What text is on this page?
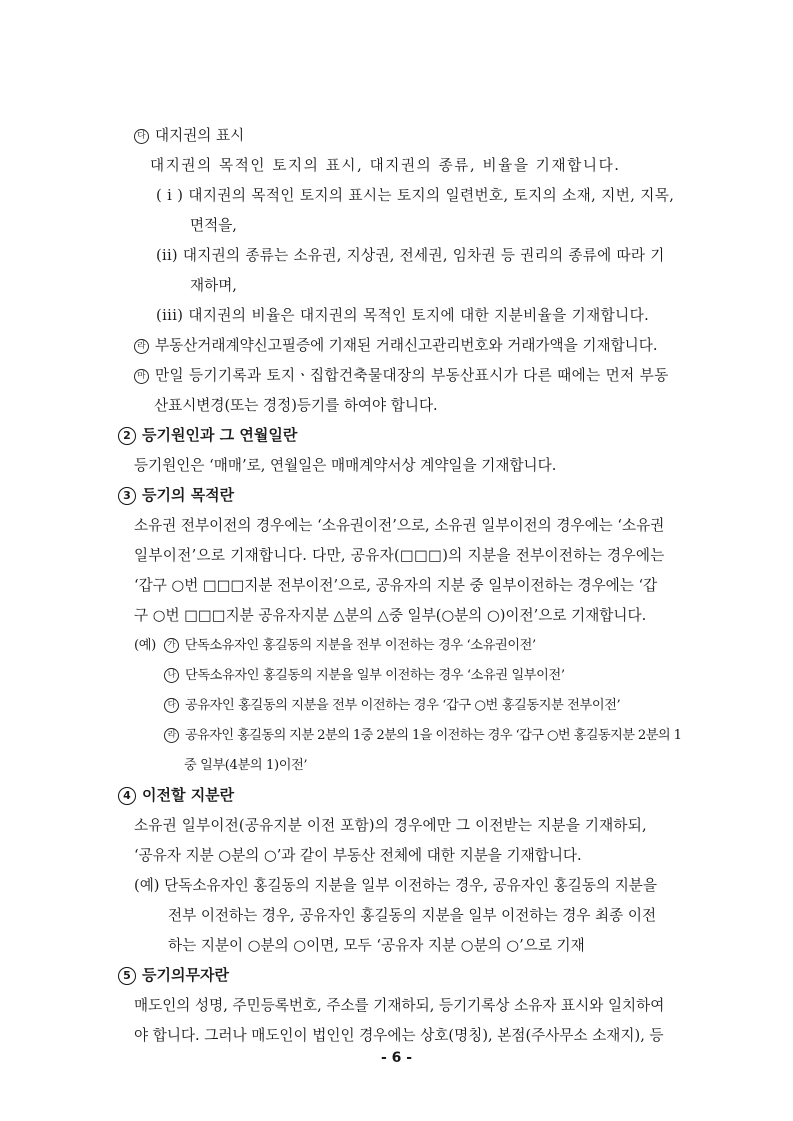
다 대지권의 표시
대지권의 목적인 토지의 표시, 대지권의 종류, 비율을 기재합니다.
( i ) 대지권의 목적인 토지의 표시는 토지의 일련번호, 토지의 소재, 지번, 지목,
면적을,
(ii) 대지권의 종류는 소유권, 지상권, 전세권, 임차권 등 권리의 종류에 따라 기
재하며,
(iii) 대지권의 비율은 대지권의 목적인 토지에 대한 지분비율을 기재합니다.
라 부동산거래계약신고필증에 기재된 거래신고관리번호와 거래가액을 기재합니다.
마 만일 등기기록과 토지ㆍ집합건축물대장의 부동산표시가 다른 때에는 먼저 부동
산표시변경(또는 경정)등기를 하여야 합니다.
2 등기원인과 그 연월일란
등기원인은 ‘매매’로, 연월일은 매매계약서상 계약일을 기재합니다.
3 등기의 목적란
소유권 전부이전의 경우에는 ‘소유권이전’으로, 소유권 일부이전의 경우에는 ‘소유권
일부이전’으로 기재합니다. 다만, 공유자(□□□)의 지분을 전부이전하는 경우에는
‘갑구 ○번 □□□지분 전부이전’으로, 공유자의 지분 중 일부이전하는 경우에는 ‘갑
구 ○번 □□□지분 공유자지분 △분의 △중 일부(○분의 ○)이전’으로 기재합니다.
(예) 가 단독소유자인 홍길동의 지분을 전부 이전하는 경우 ‘소유권이전’
나 단독소유자인 홍길동의 지분을 일부 이전하는 경우 ‘소유권 일부이전’
다 공유자인 홍길동의 지분을 전부 이전하는 경우 ‘갑구 ○번 홍길동지분 전부이전’
라 공유자인 홍길동의 지분 2분의 1중 2분의 1을 이전하는 경우 ‘갑구 ○번 홍길동지분 2분의 1
중 일부(4분의 1)이전’
4 이전할 지분란
소유권 일부이전(공유지분 이전 포함)의 경우에만 그 이전받는 지분을 기재하되,
‘공유자 지분 ○분의 ○’과 같이 부동산 전체에 대한 지분을 기재합니다.
(예) 단독소유자인 홍길동의 지분을 일부 이전하는 경우, 공유자인 홍길동의 지분을
전부 이전하는 경우, 공유자인 홍길동의 지분을 일부 이전하는 경우 최종 이전
하는 지분이 ○분의 ○이면, 모두 ‘공유자 지분 ○분의 ○’으로 기재
5 등기의무자란
매도인의 성명, 주민등록번호, 주소를 기재하되, 등기기록상 소유자 표시와 일치하여
야 합니다. 그러나 매도인이 법인인 경우에는 상호(명칭), 본점(주사무소 소재지), 등
- 6 -
